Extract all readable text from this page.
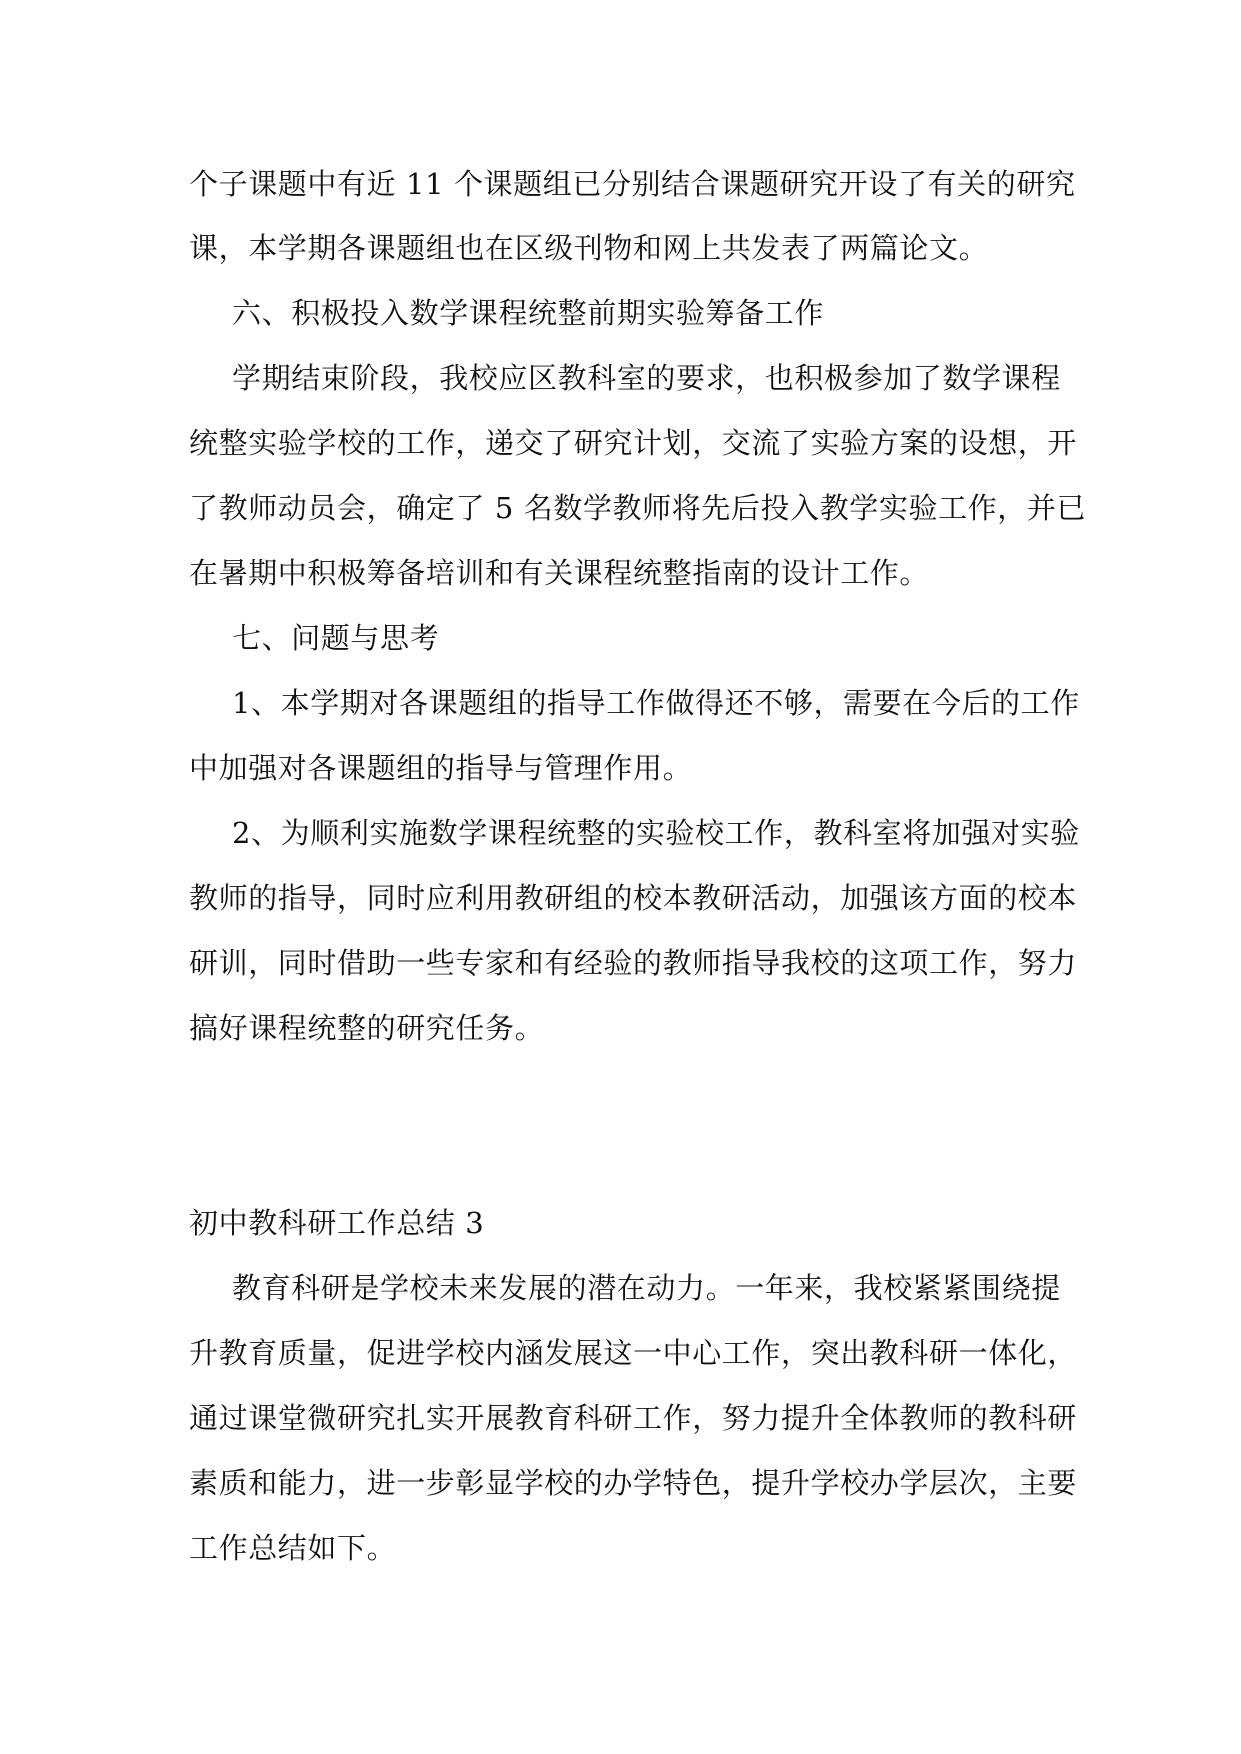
个子课题中有近 11 个课题组已分别结合课题研究开设了有关的研究

课，本学期各课题组也在区级刊物和网上共发表了两篇论文。

六、积极投入数学课程统整前期实验筹备工作

学期结束阶段，我校应区教科室的要求，也积极参加了数学课程

统整实验学校的工作，递交了研究计划，交流了实验方案的设想，开

了教师动员会，确定了 5 名数学教师将先后投入教学实验工作，并已

在暑期中积极筹备培训和有关课程统整指南的设计工作。

七、问题与思考

1、本学期对各课题组的指导工作做得还不够，需要在今后的工作

中加强对各课题组的指导与管理作用。

2、为顺利实施数学课程统整的实验校工作，教科室将加强对实验

教师的指导，同时应利用教研组的校本教研活动，加强该方面的校本

研训，同时借助一些专家和有经验的教师指导我校的这项工作，努力

搞好课程统整的研究任务。

初中教科研工作总结 3

教育科研是学校未来发展的潜在动力。一年来，我校紧紧围绕提

升教育质量，促进学校内涵发展这一中心工作，突出教科研一体化，

通过课堂微研究扎实开展教育科研工作，努力提升全体教师的教科研

素质和能力，进一步彰显学校的办学特色，提升学校办学层次，主要

工作总结如下。
